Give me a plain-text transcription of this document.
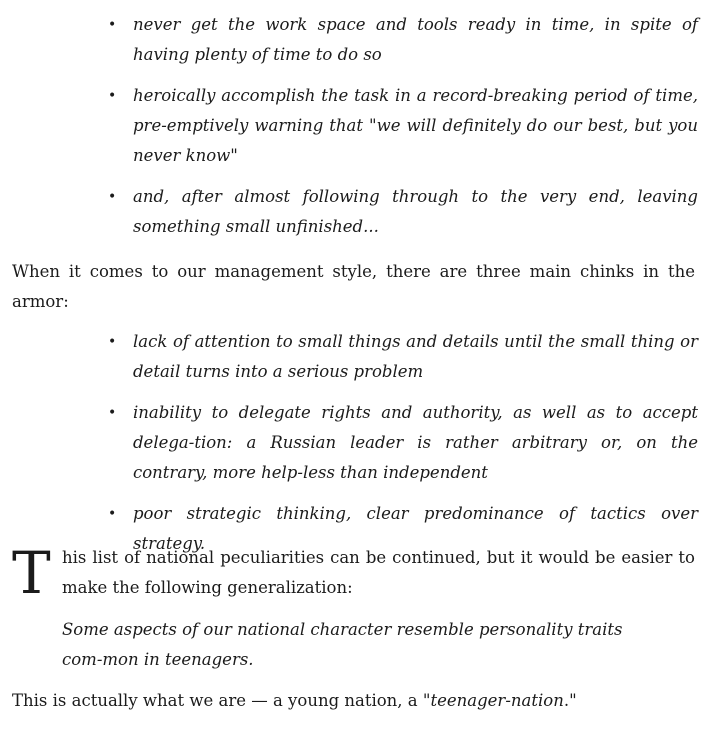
• never get the work space and tools ready in time, in spite of having plenty of time to do so
• heroically accomplish the task in a record-breaking period of time, pre-emptively warning that "we will definitely do our best, but you never know"
• and, after almost following through to the very end, leaving something small unfinished...

When it comes to our management style, there are three main chinks in the armor:

• lack of attention to small things and details until the small thing or detail turns into a serious problem
• inability to delegate rights and authority, as well as to accept delega-tion: a Russian leader is rather arbitrary or, on the contrary, more help-less than independent
• poor strategic thinking, clear predominance of tactics over strategy.
T his list of national peculiarities can be continued, but it would be easier to make the following generalization:

Some aspects of our national character resemble personality traits com-mon in teenagers.

This is actually what we are — a young nation, a "teenager-nation."
